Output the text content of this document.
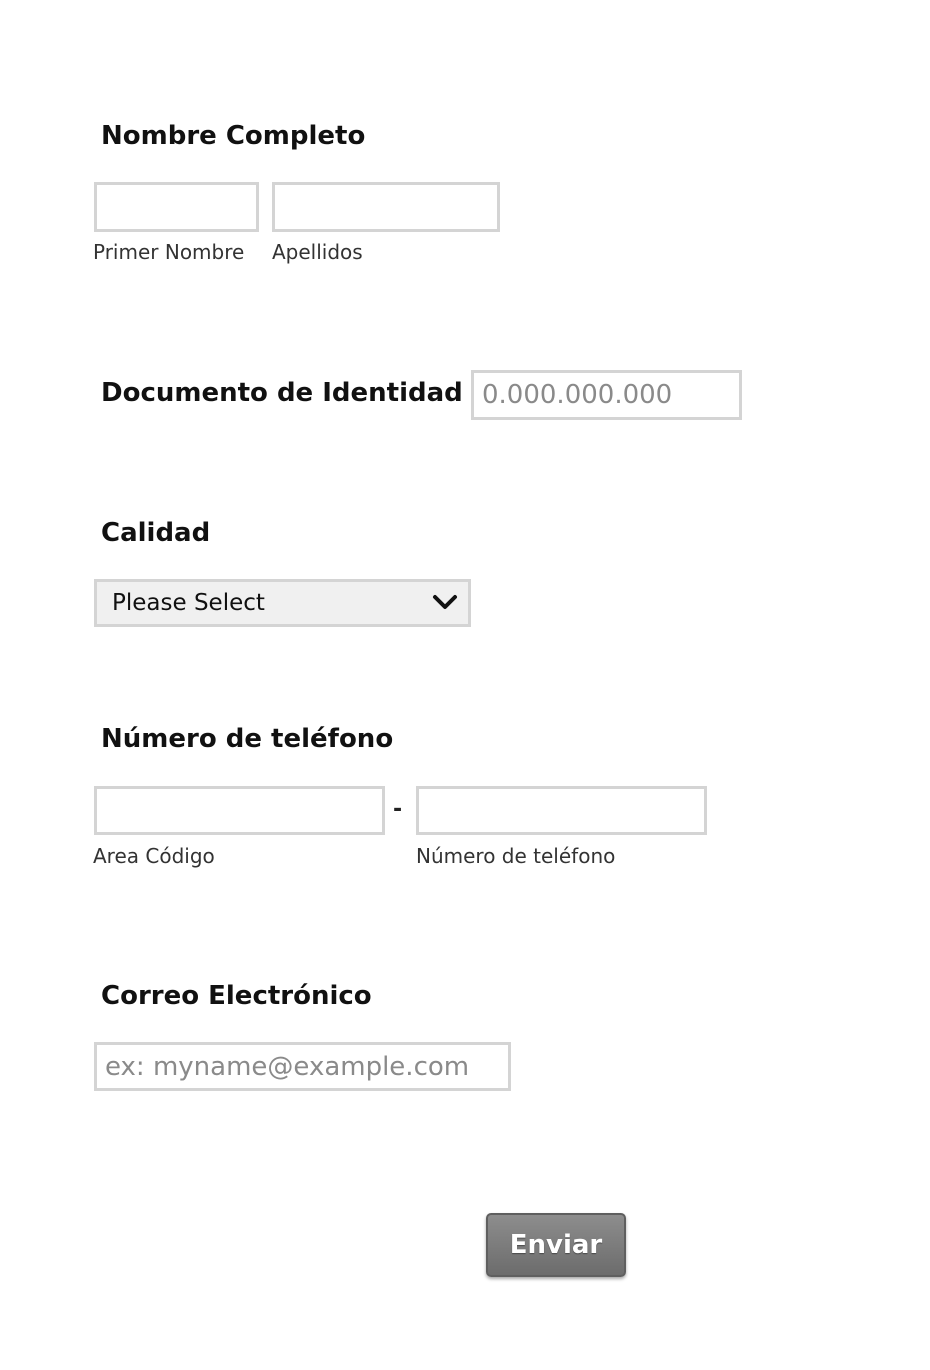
Nombre Completo
Primer Nombre Apellidos
Documento de Identidad
0.000.000.000
Calidad
Please Select
Número de teléfono
Area Código
-
Número de teléfono
Correo Electrónico
ex: myname@example.com
Enviar
